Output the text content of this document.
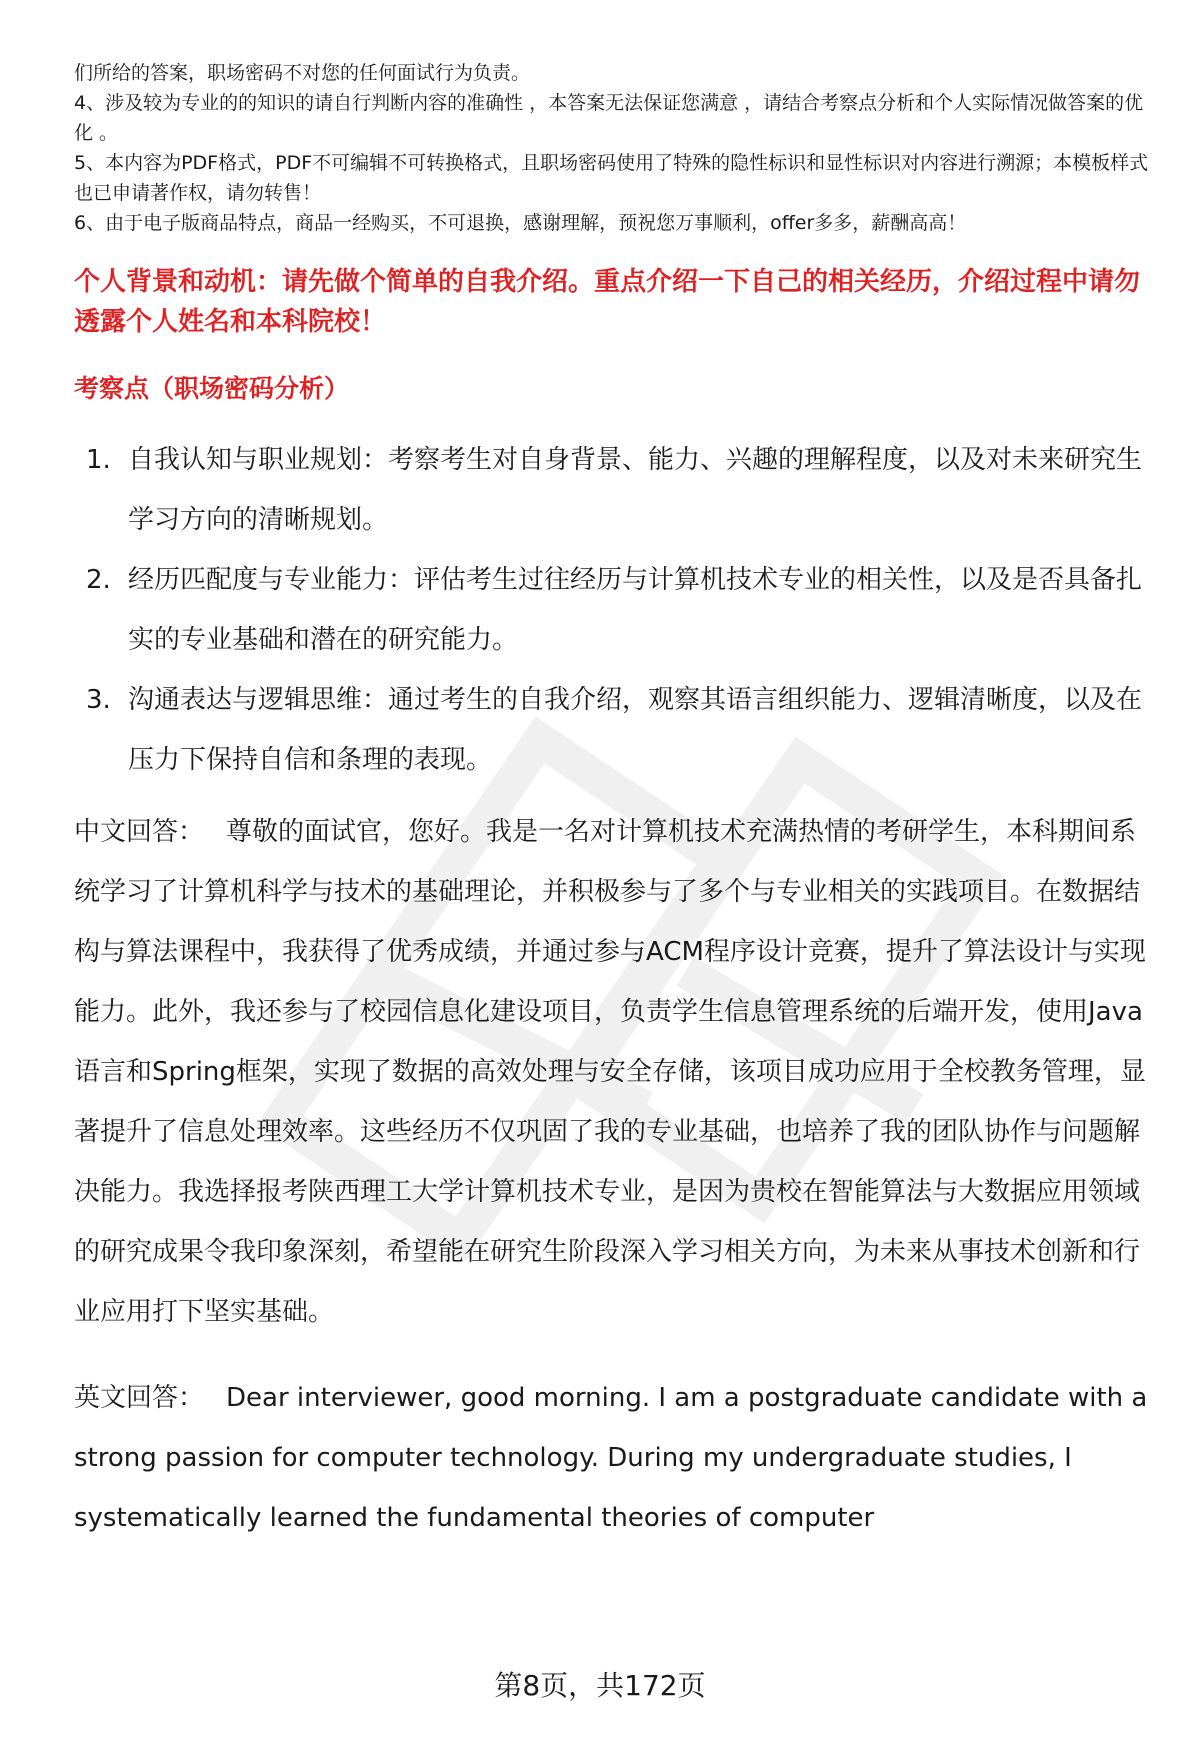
们所给的答案，职场密码不对您的任何面试行为负责。

4、涉及较为专业的的知识的请自行判断内容的准确性 ，本答案无法保证您满意 ，请结合考察点分析和个人实际情况做答案的优化 。

5、本内容为PDF格式，PDF不可编辑不可转换格式，且职场密码使用了特殊的隐性标识和显性标识对内容进行溯源；本模板样式也已申请著作权，请勿转售！

6、由于电子版商品特点，商品一经购买，不可退换，感谢理解，预祝您万事顺利，offer多多，薪酬高高！

个人背景和动机：请先做个简单的自我介绍。重点介绍一下自己的相关经历，介绍过程中请勿透露个人姓名和本科院校！
考察点（职场密码分析）
1. 自我认知与职业规划：考察考生对自身背景、能力、兴趣的理解程度，以及对未来研究生学习方向的清晰规划。
2. 经历匹配度与专业能力：评估考生过往经历与计算机技术专业的相关性，以及是否具备扎实的专业基础和潜在的研究能力。
3. 沟通表达与逻辑思维：通过考生的自我介绍，观察其语言组织能力、逻辑清晰度，以及在压力下保持自信和条理的表现。
中文回答： 尊敬的面试官，您好。我是一名对计算机技术充满热情的考研学生，本科期间系统学习了计算机科学与技术的基础理论，并积极参与了多个与专业相关的实践项目。在数据结构与算法课程中，我获得了优秀成绩，并通过参与ACM程序设计竞赛，提升了算法设计与实现能力。此外，我还参与了校园信息化建设项目，负责学生信息管理系统的后端开发，使用Java语言和Spring框架，实现了数据的高效处理与安全存储，该项目成功应用于全校教务管理，显著提升了信息处理效率。这些经历不仅巩固了我的专业基础，也培养了我的团队协作与问题解决能力。我选择报考陕西理工大学计算机技术专业，是因为贵校在智能算法与大数据应用领域的研究成果令我印象深刻，希望能在研究生阶段深入学习相关方向，为未来从事技术创新和行业应用打下坚实基础。
英文回答： Dear interviewer, good morning. I am a postgraduate candidate with a strong passion for computer technology. During my undergraduate studies, I systematically learned the fundamental theories of computer
第8页，共172页
